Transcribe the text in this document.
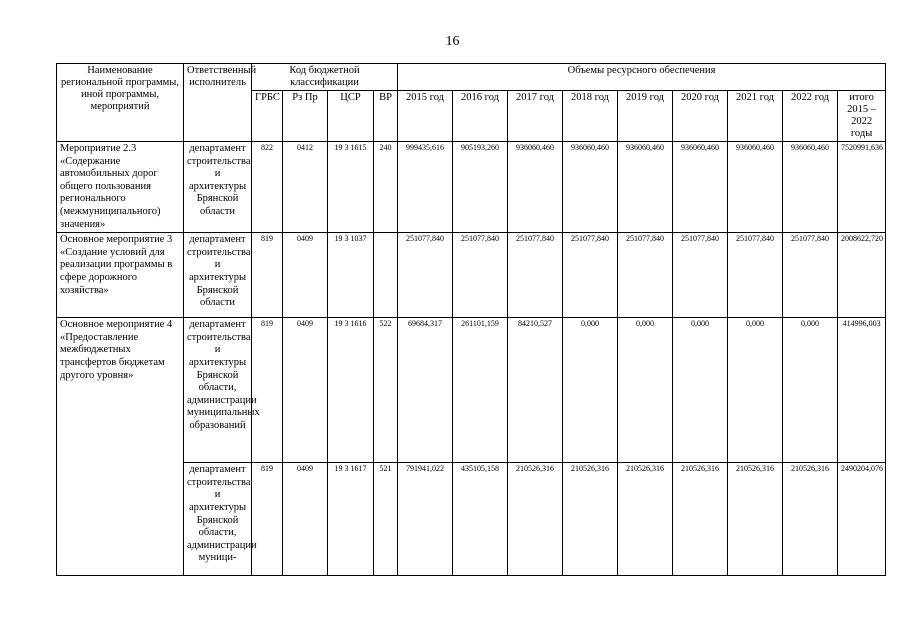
16
Наименование региональной программы, иной программы, мероприятий	Ответственный исполнитель	Код бюджетной классификации				Объемы ресурсного обеспечения								
		ГРБС	Рз Пр	ЦСР	ВР	2015 год	2016 год	2017 год	2018 год	2019 год	2020 год	2021 год	2022 год	итого 2015 – 2022 годы
Мероприятие 2.3 «Содержание автомобильных дорог общего пользования регионального (межмуниципального) значения»	департамент строительства и архитектуры Брянской области	822	0412	19 3 1615	240	999435,616	905193,260	936060,460	936060,460	936060,460	936060,460	936060,460	936060,460	7520991,636
Основное мероприятие 3 «Создание условий для реализации программы в сфере дорожного хозяйства»	департамент строительства и архитектуры Брянской области	819	0409	19 3 1037		251077,840	251077,840	251077,840	251077,840	251077,840	251077,840	251077,840	251077,840	2008622,720
Основное мероприятие 4 «Предоставление межбюджетных трансфертов бюджетам другого уровня»	департамент строительства и архитектуры Брянской области, администрации муниципальных образований	819	0409	19 3 1616	522	69684,317	261101,159	84210,527	0,000	0,000	0,000	0,000	0,000	414996,003
	департамент строительства и архитектуры Брянской области, администрации муници-	819	0409	19 3 1617	521	791941,022	435105,158	210526,316	210526,316	210526,316	210526,316	210526,316	210526,316	2490204,076
